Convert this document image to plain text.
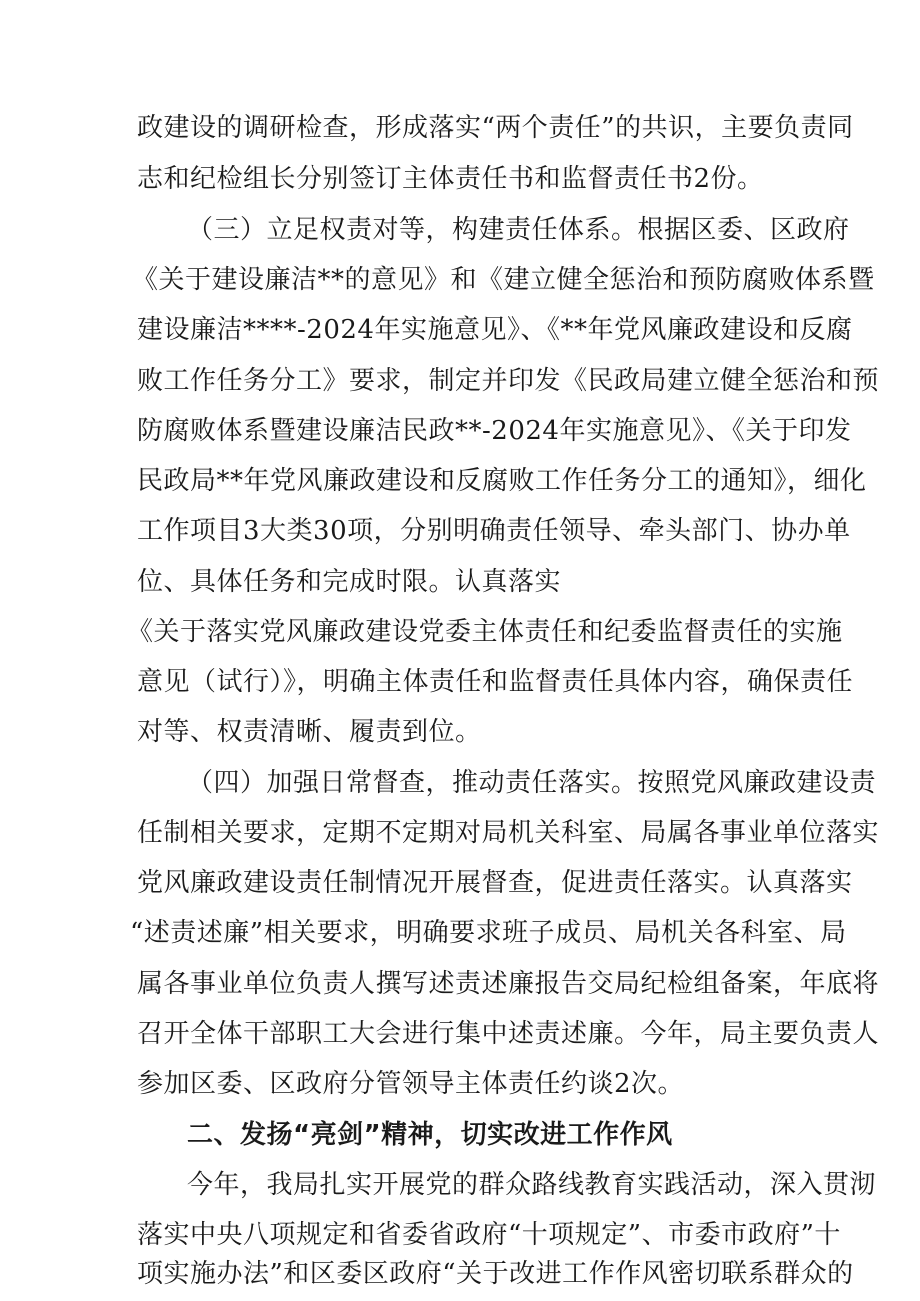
政建设的调研检查，形成落实“两个责任”的共识，主要负责同
志和纪检组长分别签订主体责任书和监督责任书2份。
（三）立足权责对等，构建责任体系。根据区委、区政府
《关于建设廉洁**的意见》和《建立健全惩治和预防腐败体系暨
建设廉洁****-2024年实施意见》、《**年党风廉政建设和反腐
败工作任务分工》要求，制定并印发《民政局建立健全惩治和预
防腐败体系暨建设廉洁民政**-2024年实施意见》、《关于印发
民政局**年党风廉政建设和反腐败工作任务分工的通知》，细化
工作项目3大类30项，分别明确责任领导、牵头部门、协办单
位、具体任务和完成时限。认真落实
《关于落实党风廉政建设党委主体责任和纪委监督责任的实施
意见（试行）》，明确主体责任和监督责任具体内容，确保责任
对等、权责清晰、履责到位。
（四）加强日常督查，推动责任落实。按照党风廉政建设责
任制相关要求，定期不定期对局机关科室、局属各事业单位落实
党风廉政建设责任制情况开展督查，促进责任落实。认真落实
“述责述廉”相关要求，明确要求班子成员、局机关各科室、局
属各事业单位负责人撰写述责述廉报告交局纪检组备案，年底将
召开全体干部职工大会进行集中述责述廉。今年，局主要负责人
参加区委、区政府分管领导主体责任约谈2次。
二、发扬“亮剑”精神，切实改进工作作风
今年，我局扎实开展党的群众路线教育实践活动，深入贯沏
落实中央八项规定和省委省政府“十项规定”、市委市政府”十
项实施办法”和区委区政府“关于改进工作作风密切联系群众的
